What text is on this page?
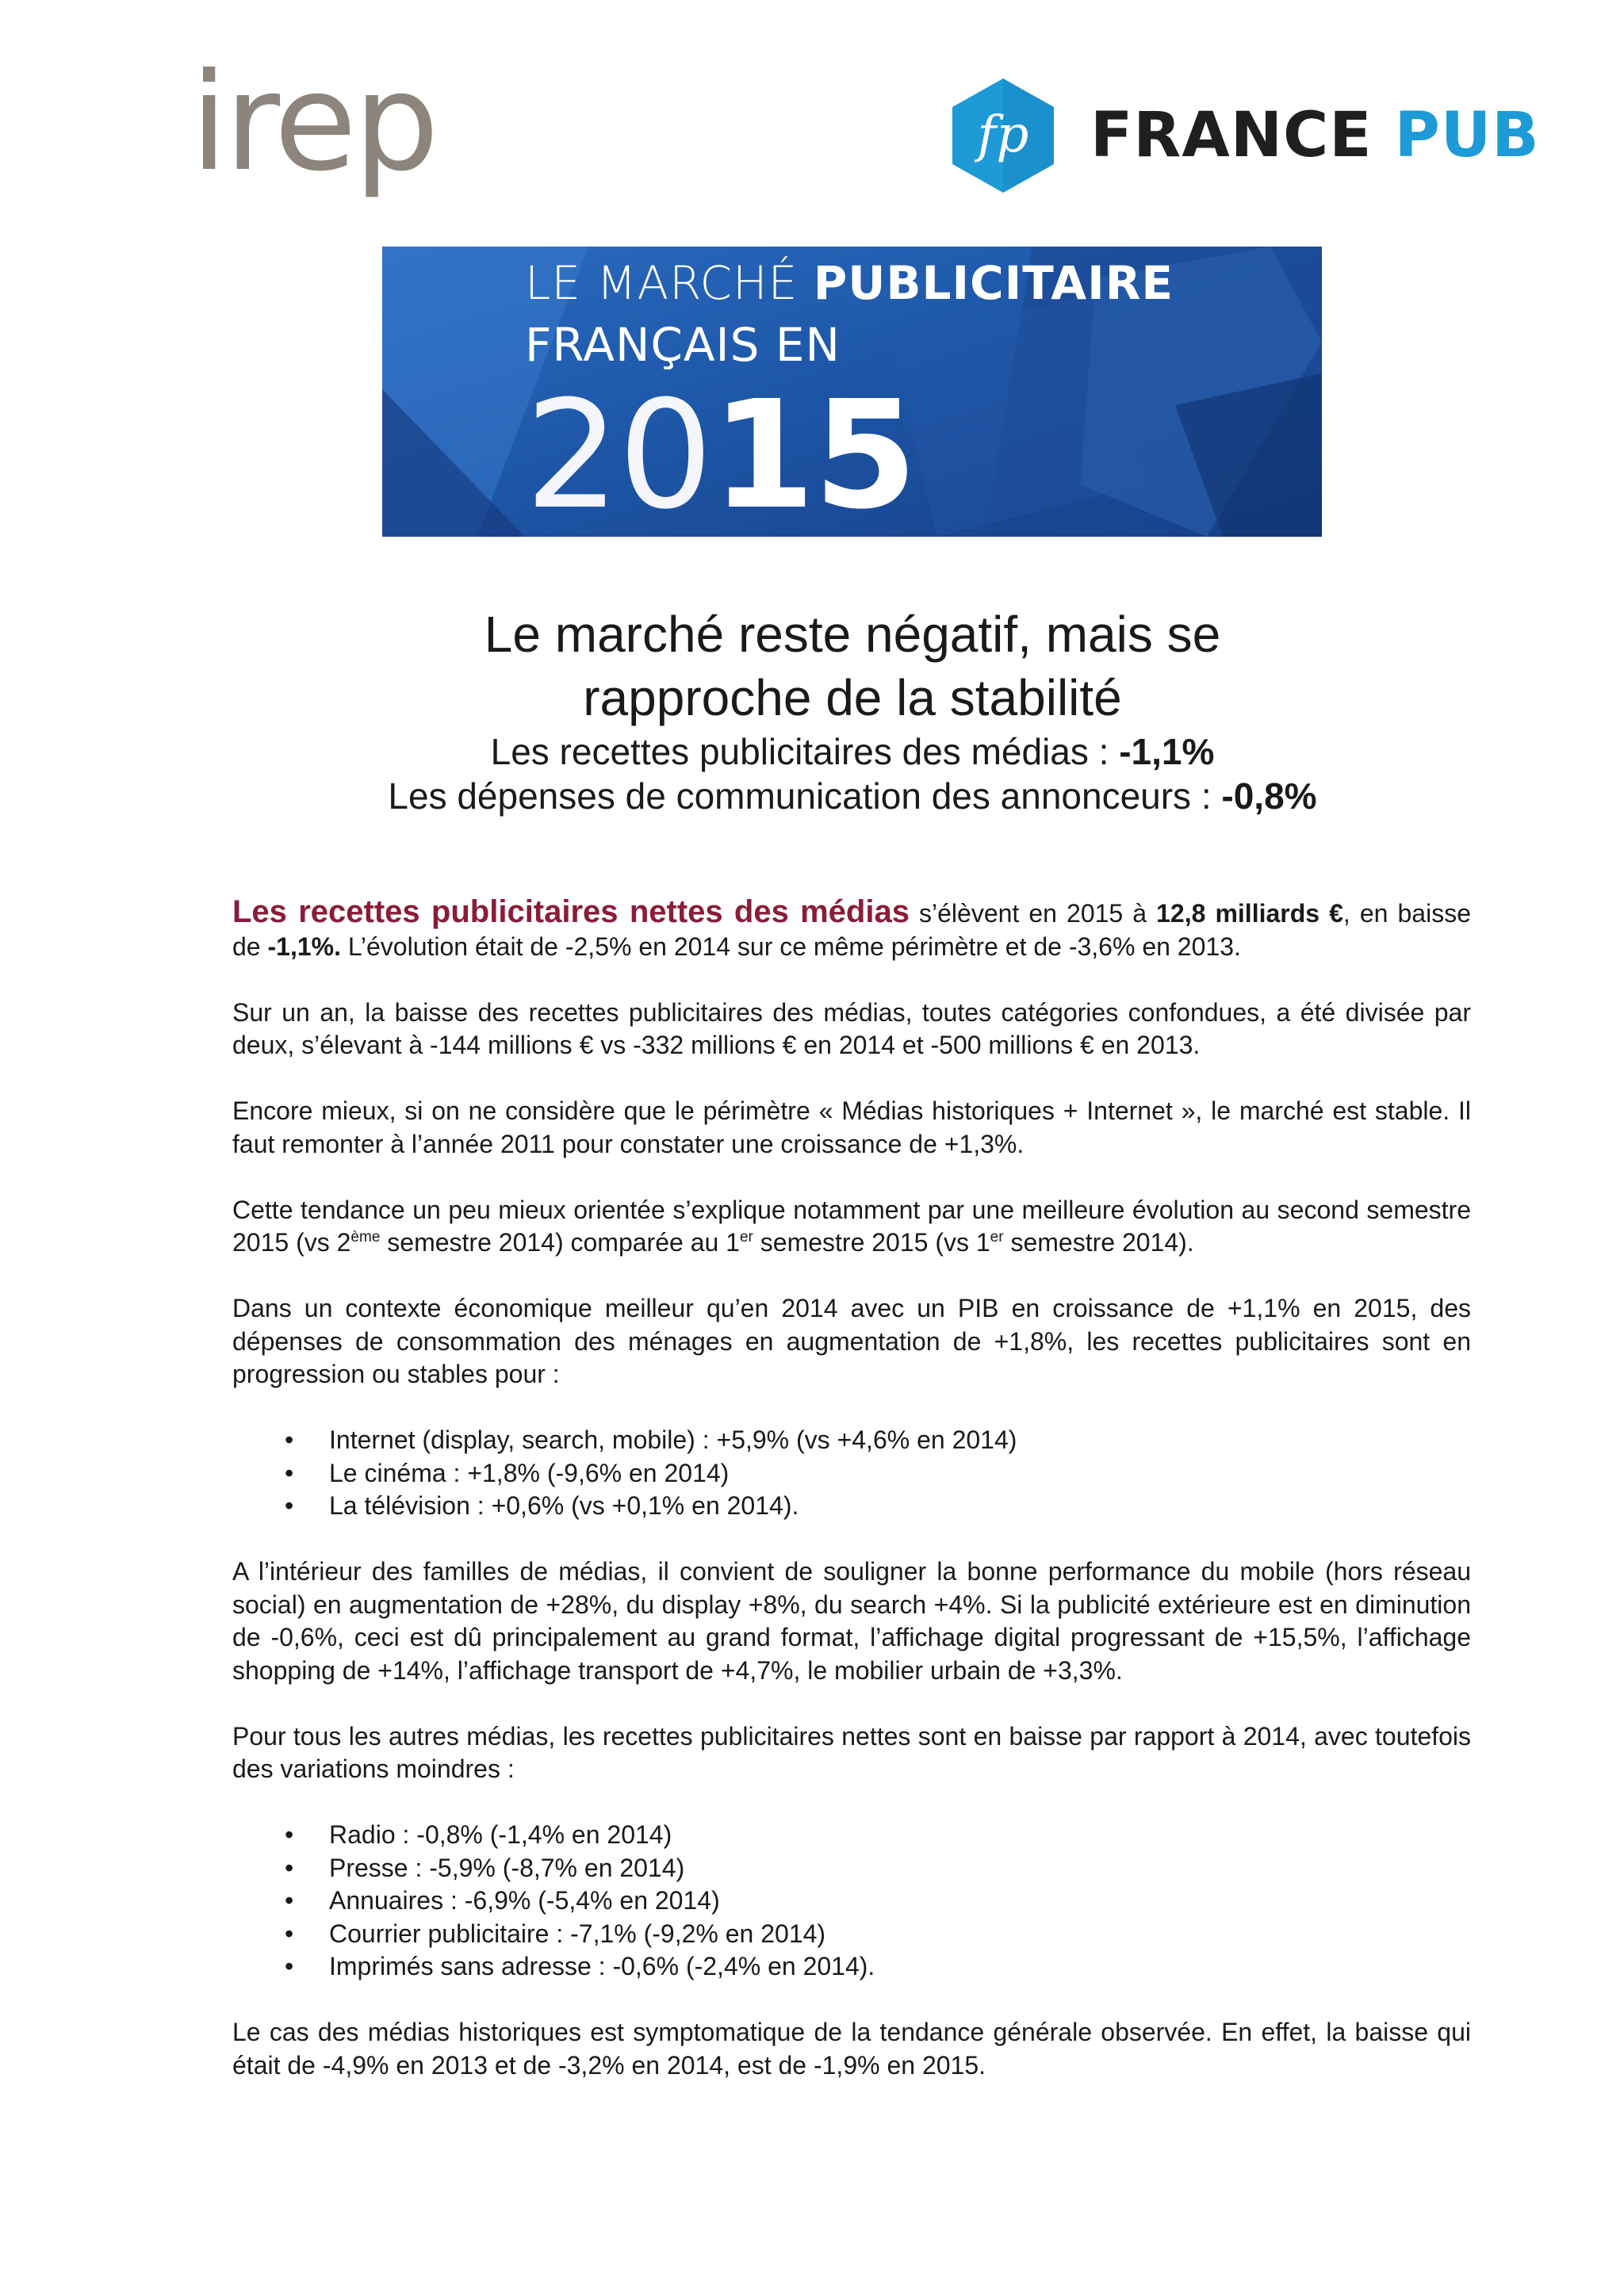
irep	fp FRANCE PUB
LE MARCHÉ PUBLICITAIRE
FRANÇAIS EN
2015
Le marché reste négatif, mais se
rapproche de la stabilité
Les recettes publicitaires des médias : -1,1%
Les dépenses de communication des annonceurs : -0,8%

Les recettes publicitaires nettes des médias s’élèvent en 2015 à 12,8 milliards €, en baisse de -1,1%. L’évolution était de -2,5% en 2014 sur ce même périmètre et de -3,6% en 2013.

Sur un an, la baisse des recettes publicitaires des médias, toutes catégories confondues, a été divisée par deux, s’élevant à -144 millions € vs -332 millions € en 2014 et -500 millions € en 2013.

Encore mieux, si on ne considère que le périmètre « Médias historiques + Internet », le marché est stable. Il faut remonter à l’année 2011 pour constater une croissance de +1,3%.

Cette tendance un peu mieux orientée s’explique notamment par une meilleure évolution au second semestre 2015 (vs 2ème semestre 2014) comparée au 1er semestre 2015 (vs 1er semestre 2014).

Dans un contexte économique meilleur qu’en 2014 avec un PIB en croissance de +1,1% en 2015, des dépenses de consommation des ménages en augmentation de +1,8%, les recettes publicitaires sont en progression ou stables pour :

• Internet (display, search, mobile) : +5,9% (vs +4,6% en 2014)
• Le cinéma : +1,8% (-9,6% en 2014)
• La télévision : +0,6% (vs +0,1% en 2014).

A l’intérieur des familles de médias, il convient de souligner la bonne performance du mobile (hors réseau social) en augmentation de +28%, du display +8%, du search +4%. Si la publicité extérieure est en diminution de -0,6%, ceci est dû principalement au grand format, l’affichage digital progressant de +15,5%, l’affichage shopping de +14%, l’affichage transport de +4,7%, le mobilier urbain de +3,3%.

Pour tous les autres médias, les recettes publicitaires nettes sont en baisse par rapport à 2014, avec toutefois des variations moindres :

• Radio : -0,8% (-1,4% en 2014)
• Presse : -5,9% (-8,7% en 2014)
• Annuaires : -6,9% (-5,4% en 2014)
• Courrier publicitaire : -7,1% (-9,2% en 2014)
• Imprimés sans adresse : -0,6% (-2,4% en 2014).

Le cas des médias historiques est symptomatique de la tendance générale observée. En effet, la baisse qui était de -4,9% en 2013 et de -3,2% en 2014, est de -1,9% en 2015.
